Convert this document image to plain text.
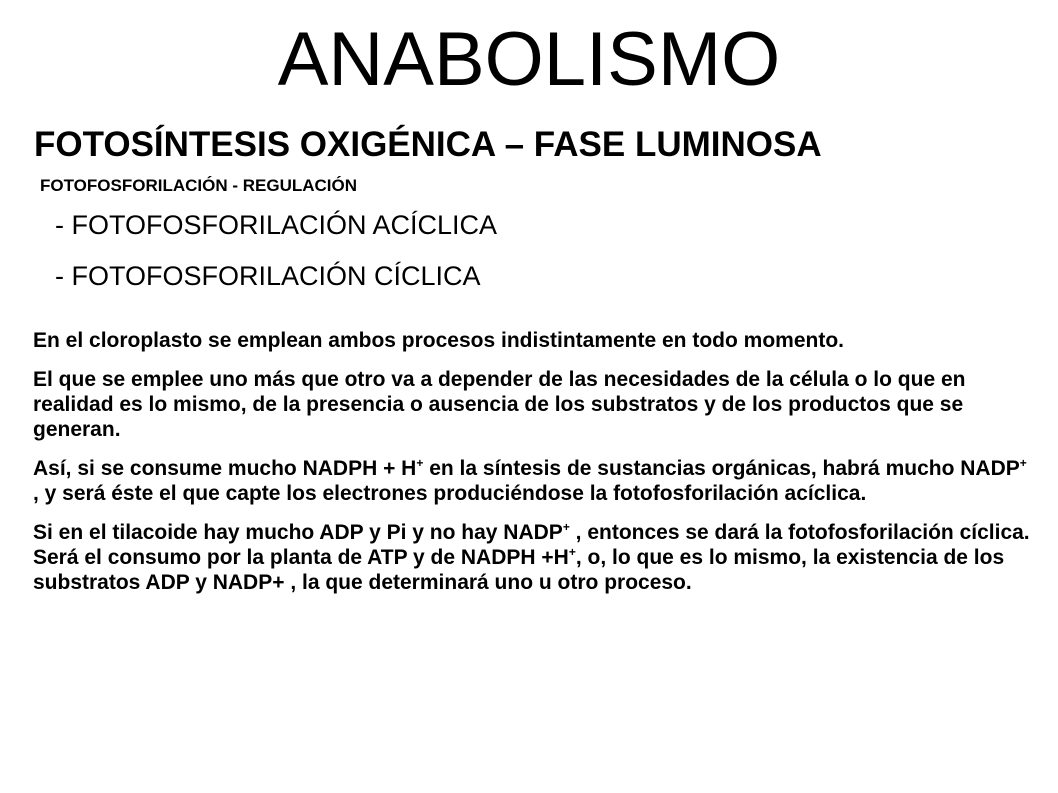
ANABOLISMO
FOTOSÍNTESIS OXIGÉNICA – FASE LUMINOSA
FOTOFOSFORILACIÓN - REGULACIÓN
- FOTOFOSFORILACIÓN ACÍCLICA
- FOTOFOSFORILACIÓN CÍCLICA

En el cloroplasto se emplean ambos procesos indistintamente en todo momento.

El que se emplee uno más que otro va a depender de las necesidades de la célula o lo que en realidad es lo mismo, de la presencia o ausencia de los substratos y de los productos que se generan.

Así, si se consume mucho NADPH + H+ en la síntesis de sustancias orgánicas, habrá mucho NADP+ , y será éste el que capte los electrones produciéndose la fotofosforilación acíclica.

Si en el tilacoide hay mucho ADP y Pi y no hay NADP+ , entonces se dará la fotofosforilación cíclica. Será el consumo por la planta de ATP y de NADPH +H+, o, lo que es lo mismo, la existencia de los substratos ADP y NADP+ , la que determinará uno u otro proceso.
